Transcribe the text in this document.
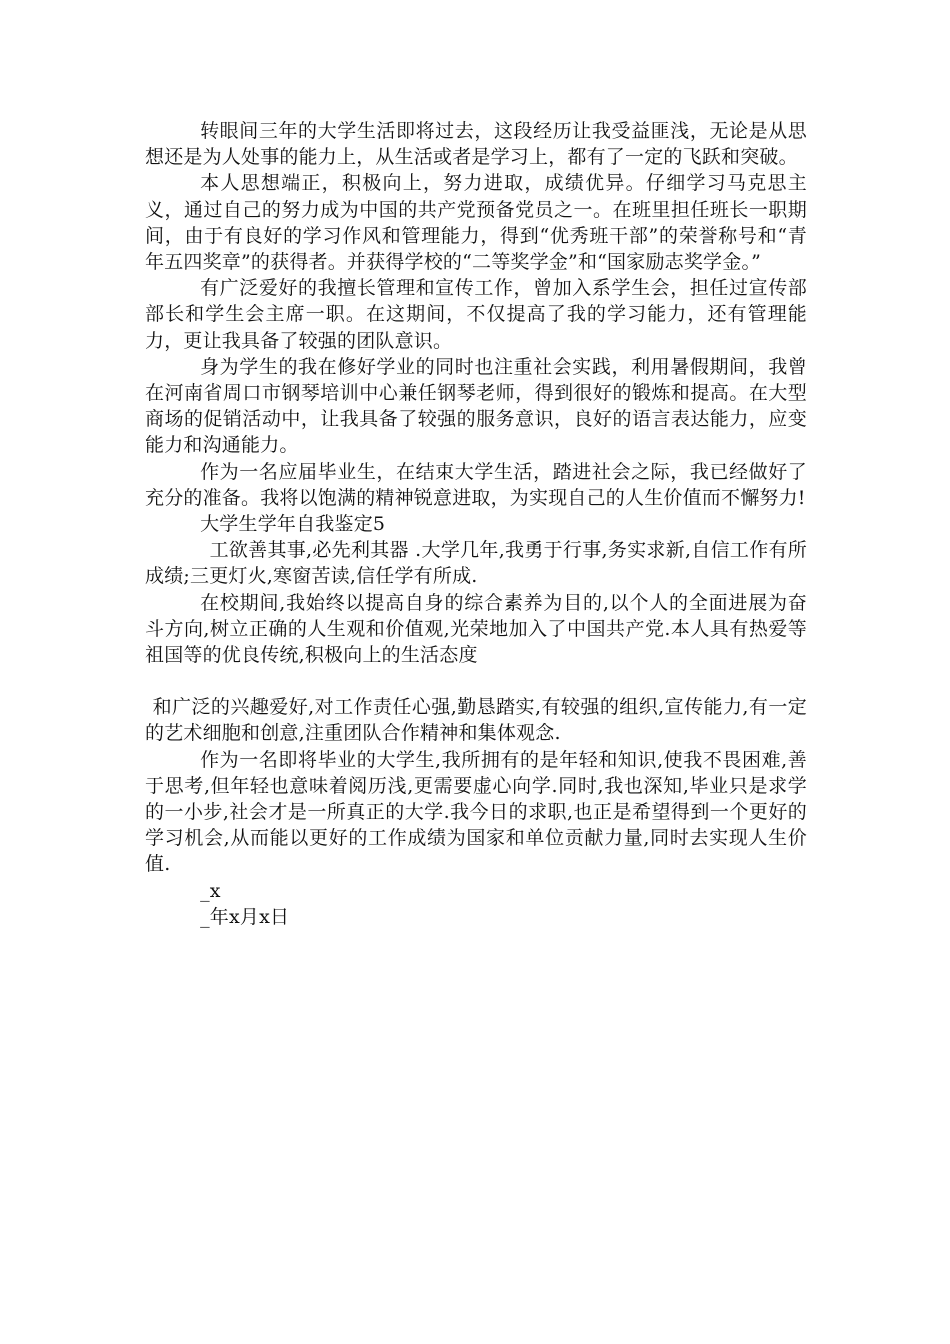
转眼间三年的大学生活即将过去，这段经历让我受益匪浅，无论是从思想还是为人处事的能力上，从生活或者是学习上，都有了一定的飞跃和突破。

本人思想端正，积极向上，努力进取，成绩优异。仔细学习马克思主义，通过自己的努力成为中国的共产党预备党员之一。在班里担任班长一职期间，由于有良好的学习作风和管理能力，得到“优秀班干部”的荣誉称号和“青年五四奖章”的获得者。并获得学校的“二等奖学金”和“国家励志奖学金。”

有广泛爱好的我擅长管理和宣传工作，曾加入系学生会，担任过宣传部部长和学生会主席一职。在这期间，不仅提高了我的学习能力，还有管理能力，更让我具备了较强的团队意识。

身为学生的我在修好学业的同时也注重社会实践，利用暑假期间，我曾在河南省周口市钢琴培训中心兼任钢琴老师，得到很好的锻炼和提高。在大型商场的促销活动中，让我具备了较强的服务意识，良好的语言表达能力，应变能力和沟通能力。

作为一名应届毕业生，在结束大学生活，踏进社会之际，我已经做好了充分的准备。我将以饱满的精神锐意进取，为实现自己的人生价值而不懈努力!

大学生学年自我鉴定5

工欲善其事,必先利其器 .大学几年,我勇于行事,务实求新,自信工作有所成绩;三更灯火,寒窗苦读,信任学有所成.

在校期间,我始终以提高自身的综合素养为目的,以个人的全面进展为奋斗方向,树立正确的人生观和价值观,光荣地加入了中国共产党.本人具有热爱等祖国等的优良传统,积极向上的生活态度

和广泛的兴趣爱好,对工作责任心强,勤恳踏实,有较强的组织,宣传能力,有一定的艺术细胞和创意,注重团队合作精神和集体观念.

作为一名即将毕业的大学生,我所拥有的是年轻和知识,使我不畏困难,善于思考,但年轻也意味着阅历浅,更需要虚心向学.同时,我也深知,毕业只是求学的一小步,社会才是一所真正的大学.我今日的求职,也正是希望得到一个更好的学习机会,从而能以更好的工作成绩为国家和单位贡献力量,同时去实现人生价值.

_x

_年x月x日
